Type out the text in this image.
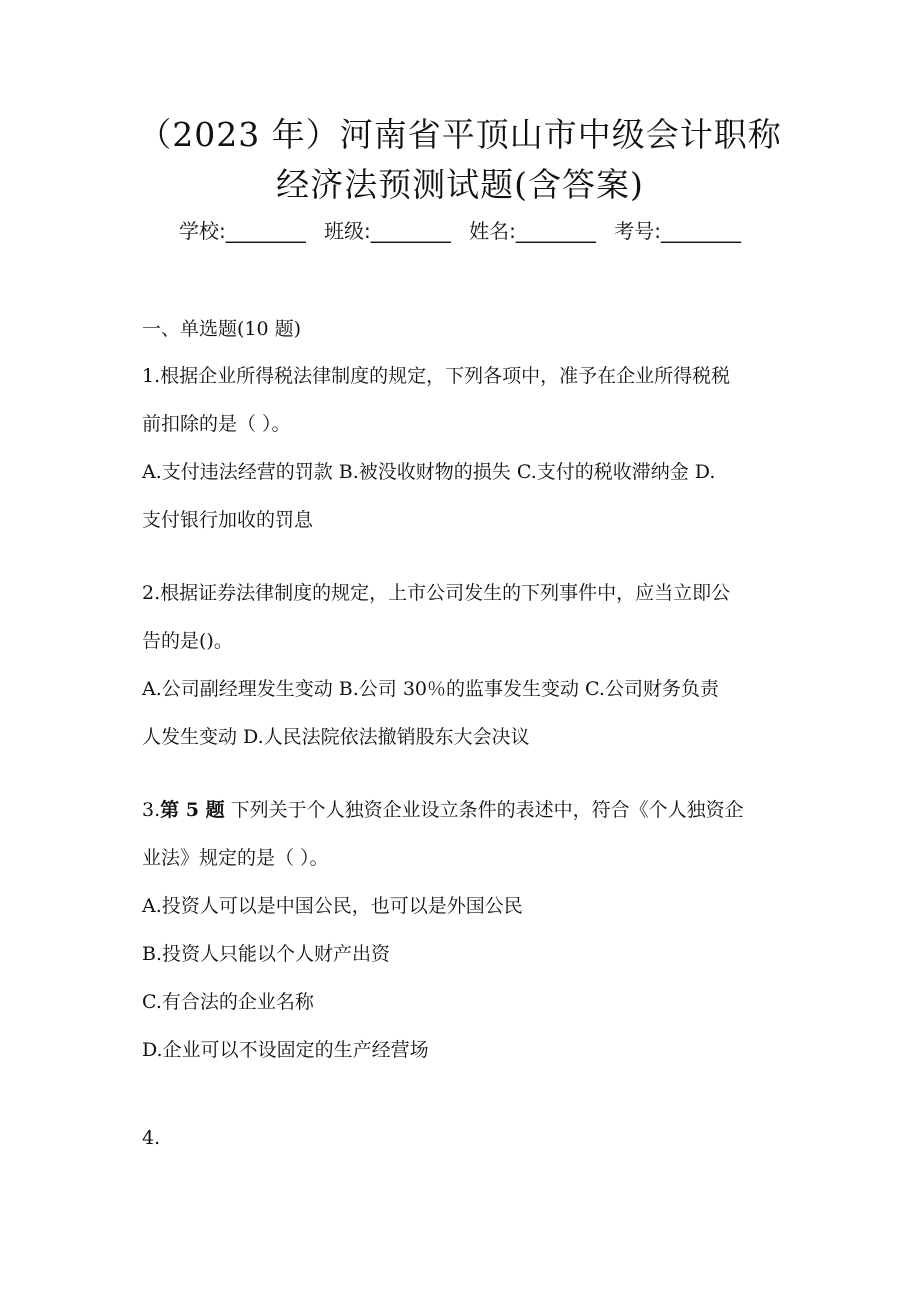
（2023 年）河南省平顶山市中级会计职称
经济法预测试题(含答案)
学校:________ 班级:________ 姓名:________ 考号:________
一、单选题(10 题)
1.根据企业所得税法律制度的规定，下列各项中，准予在企业所得税税
前扣除的是（ ）。
A.支付违法经营的罚款 B.被没收财物的损失 C.支付的税收滞纳金 D.
支付银行加收的罚息
2.根据证券法律制度的规定，上市公司发生的下列事件中，应当立即公
告的是()。
A.公司副经理发生变动 B.公司 30％的监事发生变动 C.公司财务负责
人发生变动 D.人民法院依法撤销股东大会决议
3.第 5 题 下列关于个人独资企业设立条件的表述中，符合《个人独资企
业法》规定的是（ ）。
A.投资人可以是中国公民，也可以是外国公民
B.投资人只能以个人财产出资
C.有合法的企业名称
D.企业可以不设固定的生产经营场
4.
